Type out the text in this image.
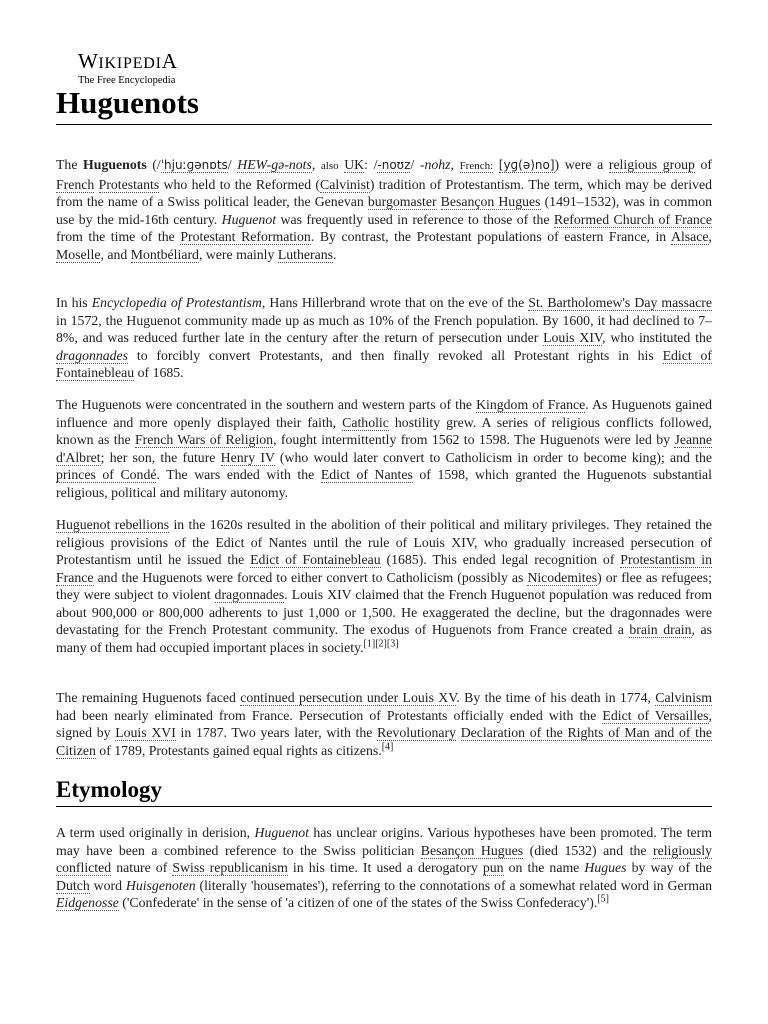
WIKIPEDIA
The Free Encyclopedia
Huguenots

The Huguenots (/ˈhjuːɡənɒts/ HEW-gə-nots, also UK: /-noʊz/ -nohz, French: [yɡ(ə)no]) were a religious group of French Protestants who held to the Reformed (Calvinist) tradition of Protestantism. The term, which may be derived from the name of a Swiss political leader, the Genevan burgomaster Besançon Hugues (1491–1532), was in common use by the mid-16th century. Huguenot was frequently used in reference to those of the Reformed Church of France from the time of the Protestant Reformation. By contrast, the Protestant populations of eastern France, in Alsace, Moselle, and Montbéliard, were mainly Lutherans.

In his Encyclopedia of Protestantism, Hans Hillerbrand wrote that on the eve of the St. Bartholomew's Day massacre in 1572, the Huguenot community made up as much as 10% of the French population. By 1600, it had declined to 7–8%, and was reduced further late in the century after the return of persecution under Louis XIV, who instituted the dragonnades to forcibly convert Protestants, and then finally revoked all Protestant rights in his Edict of Fontainebleau of 1685.

The Huguenots were concentrated in the southern and western parts of the Kingdom of France. As Huguenots gained influence and more openly displayed their faith, Catholic hostility grew. A series of religious conflicts followed, known as the French Wars of Religion, fought intermittently from 1562 to 1598. The Huguenots were led by Jeanne d'Albret; her son, the future Henry IV (who would later convert to Catholicism in order to become king); and the princes of Condé. The wars ended with the Edict of Nantes of 1598, which granted the Huguenots substantial religious, political and military autonomy.

Huguenot rebellions in the 1620s resulted in the abolition of their political and military privileges. They retained the religious provisions of the Edict of Nantes until the rule of Louis XIV, who gradually increased persecution of Protestantism until he issued the Edict of Fontainebleau (1685). This ended legal recognition of Protestantism in France and the Huguenots were forced to either convert to Catholicism (possibly as Nicodemites) or flee as refugees; they were subject to violent dragonnades. Louis XIV claimed that the French Huguenot population was reduced from about 900,000 or 800,000 adherents to just 1,000 or 1,500. He exaggerated the decline, but the dragonnades were devastating for the French Protestant community. The exodus of Huguenots from France created a brain drain, as many of them had occupied important places in society.[1][2][3]

The remaining Huguenots faced continued persecution under Louis XV. By the time of his death in 1774, Calvinism had been nearly eliminated from France. Persecution of Protestants officially ended with the Edict of Versailles, signed by Louis XVI in 1787. Two years later, with the Revolutionary Declaration of the Rights of Man and of the Citizen of 1789, Protestants gained equal rights as citizens.[4]

Etymology

A term used originally in derision, Huguenot has unclear origins. Various hypotheses have been promoted. The term may have been a combined reference to the Swiss politician Besançon Hugues (died 1532) and the religiously conflicted nature of Swiss republicanism in his time. It used a derogatory pun on the name Hugues by way of the Dutch word Huisgenoten (literally 'housemates'), referring to the connotations of a somewhat related word in German Eidgenosse ('Confederate' in the sense of 'a citizen of one of the states of the Swiss Confederacy').[5]
